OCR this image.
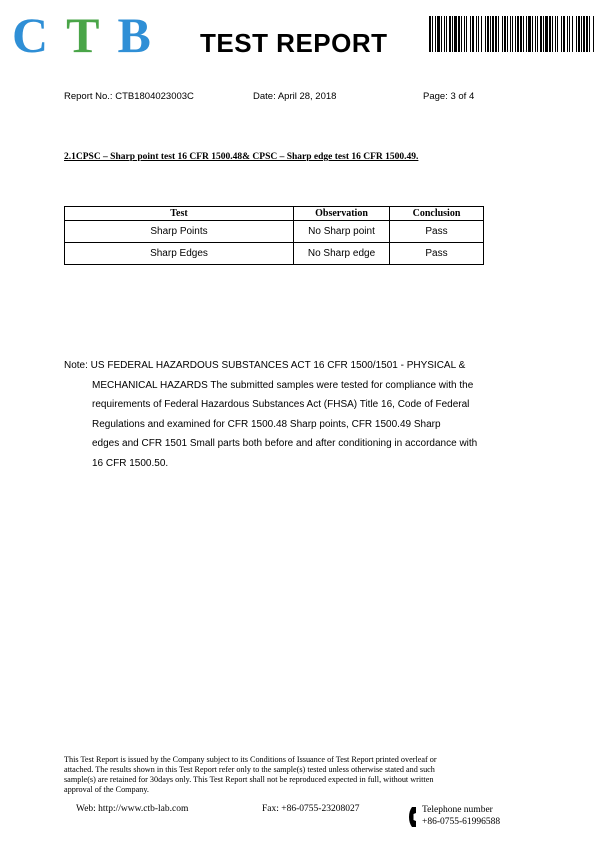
C T B TEST REPORT
Report No.: CTB1804023003C	Date: April 28, 2018	Page: 3 of 4
2.1CPSC – Sharp point test 16 CFR 1500.48& CPSC – Sharp edge test 16 CFR 1500.49.
Test	Observation	Conclusion
Sharp Points	No Sharp point	Pass
Sharp Edges	No Sharp edge	Pass
Note: US FEDERAL HAZARDOUS SUBSTANCES ACT 16 CFR 1500/1501 - PHYSICAL &
MECHANICAL HAZARDS The submitted samples were tested for compliance with the
requirements of Federal Hazardous Substances Act (FHSA) Title 16, Code of Federal
Regulations and examined for CFR 1500.48 Sharp points, CFR 1500.49 Sharp
edges and CFR 1501 Small parts both before and after conditioning in accordance with
16 CFR 1500.50.
This Test Report is issued by the Company subject to its Conditions of Issuance of Test Report printed overleaf or
attached. The results shown in this Test Report refer only to the sample(s) tested unless otherwise stated and such
sample(s) are retained for 30days only. This Test Report shall not be reproduced expected in full, without written
approval of the Company.
Web: http://www.ctb-lab.com	Fax: +86-0755-23208027	Telephone number
+86-0755-61996588
